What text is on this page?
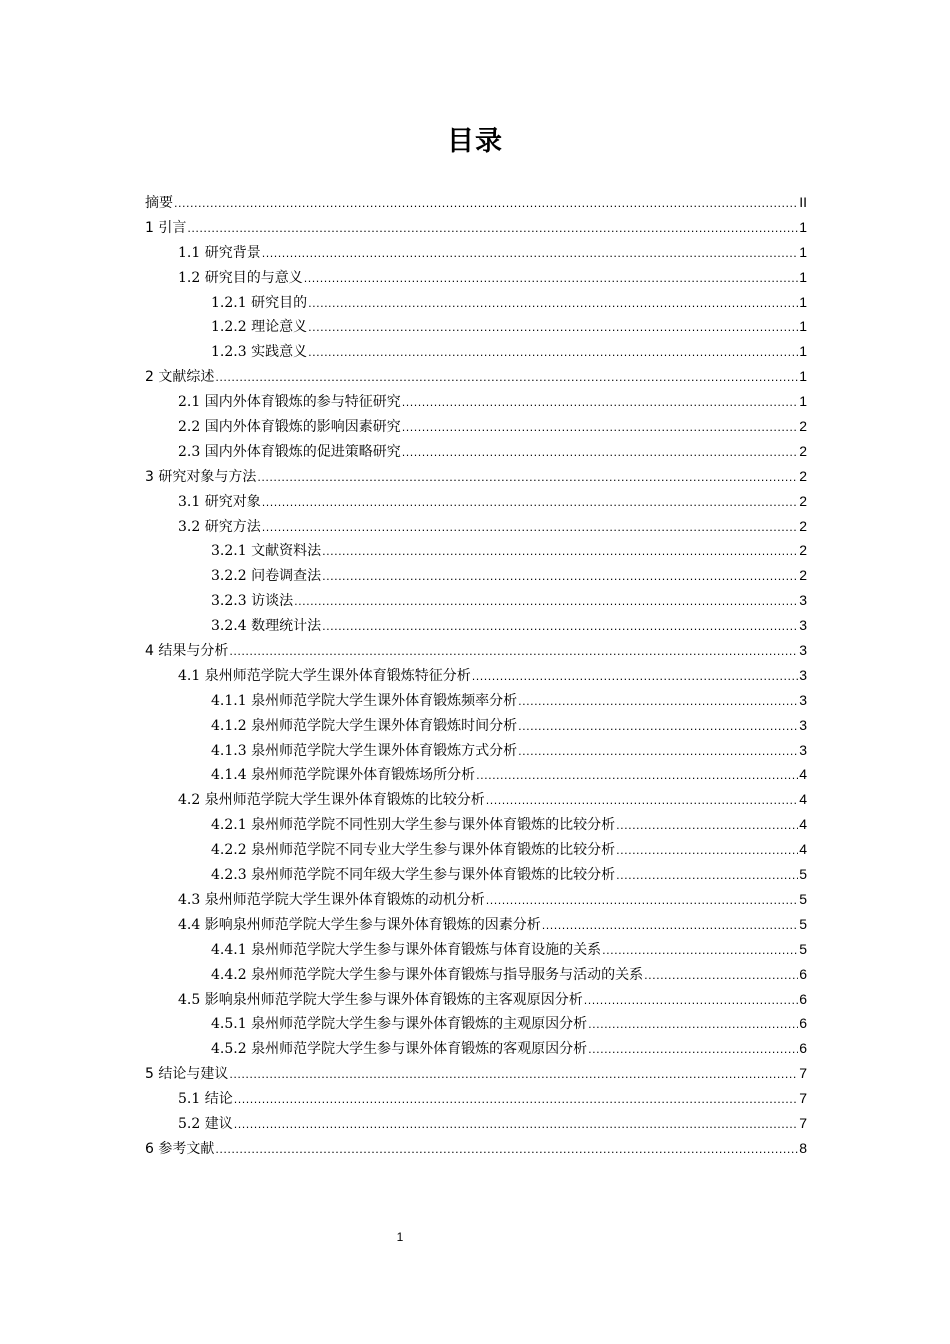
目录
摘要 .....	II
1 引言 .....	1
1.1 研究背景 .....	1
1.2 研究目的与意义 .....	1
1.2.1 研究目的 .....	1
1.2.2 理论意义 .....	1
1.2.3 实践意义 .....	1
2 文献综述 .....	1
2.1 国内外体育锻炼的参与特征研究 .....	1
2.2 国内外体育锻炼的影响因素研究 .....	2
2.3 国内外体育锻炼的促进策略研究 .....	2
3 研究对象与方法 .....	2
3.1 研究对象 .....	2
3.2 研究方法 .....	2
3.2.1 文献资料法 .....	2
3.2.2 问卷调查法 .....	2
3.2.3 访谈法 .....	3
3.2.4 数理统计法 .....	3
4 结果与分析 .....	3
4.1 泉州师范学院大学生课外体育锻炼特征分析 .....	3
4.1.1 泉州师范学院大学生课外体育锻炼频率分析 .....	3
4.1.2 泉州师范学院大学生课外体育锻炼时间分析 .....	3
4.1.3 泉州师范学院大学生课外体育锻炼方式分析 .....	3
4.1.4 泉州师范学院课外体育锻炼场所分析 .....	4
4.2 泉州师范学院大学生课外体育锻炼的比较分析 .....	4
4.2.1 泉州师范学院不同性别大学生参与课外体育锻炼的比较分析 .....	4
4.2.2 泉州师范学院不同专业大学生参与课外体育锻炼的比较分析 .....	4
4.2.3 泉州师范学院不同年级大学生参与课外体育锻炼的比较分析 .....	5
4.3 泉州师范学院大学生课外体育锻炼的动机分析 .....	5
4.4 影响泉州师范学院大学生参与课外体育锻炼的因素分析 .....	5
4.4.1 泉州师范学院大学生参与课外体育锻炼与体育设施的关系 .....	5
4.4.2 泉州师范学院大学生参与课外体育锻炼与指导服务与活动的关系 .....	6
4.5 影响泉州师范学院大学生参与课外体育锻炼的主客观原因分析 .....	6
4.5.1 泉州师范学院大学生参与课外体育锻炼的主观原因分析 .....	6
4.5.2 泉州师范学院大学生参与课外体育锻炼的客观原因分析 .....	6
5 结论与建议 .....	7
5.1 结论 .....	7
5.2 建议 .....	7
6 参考文献 .....	8
1
